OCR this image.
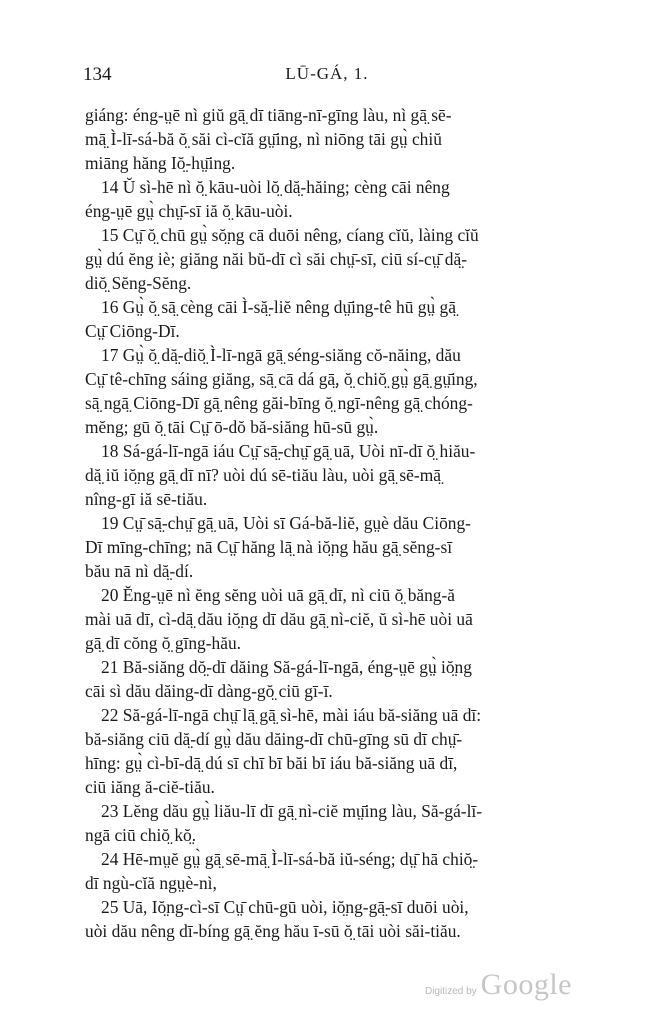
134	LŪ-GÁ, 1.
giáng: éng-ṳē nì giŭ gā̤ dī tiāng-nī-gīng làu, nì gā̤ sē-
mā̤ Ì-lī-sá-bă ŏ̤ săi cì-cĭă gṳ̄ing, nì niōng tāi gṳ̀ chiŭ
miāng hăng Iŏ̤-hṳ̄ing.
14 Ŭ sì-hē nì ŏ̤ kāu-uòi lŏ̤ dă̤-hăing; cèng cāi nêng
éng-ṳē gṳ̀ chṳ̄-sī iă ŏ̤ kāu-uòi.
15 Cṳ̄ ŏ̤ chū gṳ̀ sŏ̤ng cā duōi nêng, cíang cĭŭ, làing cĭŭ
gṳ̀ dú ĕng iè; giăng năi bŭ-dī cì săi chṳ̄-sī, ciū sí-cṳ̄ dă̤-
diŏ̤ Sĕng-Sĕng.
16 Gṳ̀ ŏ̤ sā̤ cèng cāi Ì-să̤-liĕ nêng dṳ̄ing-tê hū gṳ̀ gā̤
Cṳ̄ Ciōng-Dī.
17 Gṳ̀ ŏ̤ dă̤-diŏ̤ Ì-lī-ngā gā̤ séng-siăng cŏ-năing, dău
Cṳ̄ tê-chīng sáing giăng, sā̤ cā dá gā̤, ŏ̤ chiŏ̤ gṳ̀ gā̤ gṳ̄ing,
sā̤ ngā̤ Ciōng-Dī gā̤ nêng găi-bīng ŏ̤ ngī-nêng gā̤ chóng-
mĕng; gū ŏ̤ tāi Cṳ̄ ō-dŏ bă-siăng hū-sū gṳ̀.
18 Sá-gá-lī-ngā iáu Cṳ̄ sā̤-chṳ̄ gā̤ uā, Uòi nī-dī ŏ̤ hiău-
dă̤ iŭ iŏ̤ng gā̤ dī nī? uòi dú sē-tiău làu, uòi gā̤ sē-mā̤
nîng-gī iă sē-tiău.
19 Cṳ̄ sā̤-chṳ̄ gā̤ uā, Uòi sī Gá-bă-liĕ, gṳè dău Ciōng-
Dī mīng-chīng; nā Cṳ̄ hăng lā̤ nà iŏ̤ng hău gā̤ sĕng-sī
bău nā nì dă̤-dí.
20 Ĕng-ṳē nì ĕng sĕng uòi uā gā̤ dī, nì ciū ŏ̤ băng-ă
mài uā dī, cì-dā̤ dău iŏ̤ng dī dău gā̤ nì-ciĕ, ŭ sì-hē uòi uā
gā̤ dī cŏng ŏ̤ gīng-hău.
21 Bă-siăng dŏ̤-dī dăing Să-gá-lī-ngā, éng-ṳē gṳ̀ iŏ̤ng
cāi sì dău dăing-dī dàng-gŏ̤ ciū gī-ī.
22 Să-gá-lī-ngā chṳ̄ lā̤ gā̤ sì-hē, mài iáu bă-siăng uā dī:
bă-siăng ciū dă̤-dí gṳ̀ dău dăing-dī chū-gīng sū dī chṳ̄-
hīng: gṳ̀ cì-bī-dā̤ dú sī chī bī băi bī iáu bă-siăng uā dī,
ciū iăng ă-ciĕ-tiău.
23 Lĕng dău gṳ̀ liău-lī dī gā̤ nì-ciĕ mṳ̄ing làu, Să-gá-lī-
ngā ciū chiŏ̤ kŏ̤.
24 Hē-mṳĕ gṳ̀ gā̤ sē-mā̤ Ì-lī-sá-bă iŭ-séng; dṳ̄ hā chiŏ̤-
dī ngù-cĭă ngṳè-nì,
25 Uā, Iŏ̤ng-cì-sī Cṳ̄ chū-gū uòi, iŏ̤ng-gā̤-sī duōi uòi,
uòi dău nêng dī-bíng gā̤ ĕng hău ī-sū ŏ̤ tāi uòi săi-tiău.
Digitized by Google
